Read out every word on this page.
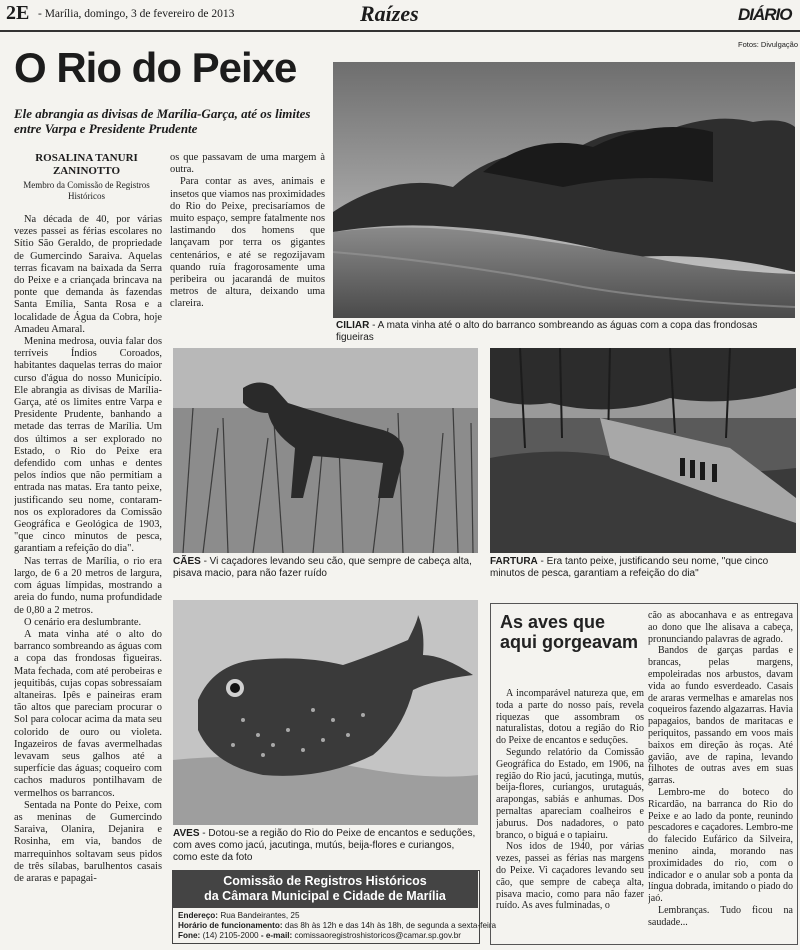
2E - Marília, domingo, 3 de fevereiro de 2013	Raízes	DIÁRIO
Fotos: Divulgação
O Rio do Peixe
Ele abrangia as divisas de Marília-Garça, até os limites entre Varpa e Presidente Prudente
ROSALINA TANURI ZANINOTTO
Membro da Comissão de Registros Históricos

Na década de 40, por várias vezes passei as férias escolares no Sítio São Geraldo, de propriedade de Gumercindo Saraiva. Aquelas terras ficavam na baixada da Serra do Peixe e a criançada brincava na ponte que demanda às fazendas Santa Emília, Santa Rosa e a localidade de Água da Cobra, hoje Amadeu Amaral.

Menina medrosa, ouvia falar dos terríveis Índios Coroados, habitantes daquelas terras do maior curso d'água do nosso Município. Ele abrangia as divisas de Marília-Garça, até os limites entre Varpa e Presidente Prudente, banhando a metade das terras de Marília. Um dos últimos a ser explorado no Estado, o Rio do Peixe era defendido com unhas e dentes pelos índios que não permitiam a entrada nas matas. Era tanto peixe, justificando seu nome, contaram-nos os exploradores da Comissão Geográfica e Geológica de 1903, "que cinco minutos de pesca, garantiam a refeição do dia".

Nas terras de Marília, o rio era largo, de 6 a 20 metros de largura, com águas límpidas, mostrando a areia do fundo, numa profundidade de 0,80 a 2 metros.

O cenário era deslumbrante.

A mata vinha até o alto do barranco sombreando as águas com a copa das frondosas figueiras. Mata fechada, com até perobeiras e jequitibás, cujas copas sobressaíam altaneiras. Ipês e paineiras eram tão altos que pareciam procurar o Sol para colocar acima da mata seu colorido de ouro ou violeta. Ingazeiros de favas avermelhadas levavam seus galhos até a superfície das águas; coqueiro com cachos maduros pontilhavam de vermelhos os barrancos.

Sentada na Ponte do Peixe, com as meninas de Gumercindo Saraiva, Olanira, Dejanira e Rosinha, em via, bandos de marrequinhos soltavam seus pidos de três sílabas, barulhentos casais de araras e papagai-

os que passavam de uma margem à outra.

Para contar as aves, animais e insetos que viamos nas proximidades do Rio do Peixe, precisaríamos de muito espaço, sempre fatalmente nos lastimando dos homens que lançavam por terra os gigantes centenários, e até se regozijavam quando ruía fragorosamente uma peribeira ou jacarandá de muitos metros de altura, deixando uma clareira.

CILIAR - A mata vinha até o alto do barranco sombreando as águas com a copa das frondosas figueiras
CÃES - Vi caçadores levando seu cão, que sempre de cabeça alta, pisava macio, para não fazer ruído
FARTURA - Era tanto peixe, justificando seu nome, "que cinco minutos de pesca, garantiam a refeição do dia"
AVES - Dotou-se a região do Rio do Peixe de encantos e seduções, com aves como jacú, jacutinga, mutús, beija-flores e curiangos, como este da foto
Comissão de Registros Históricos
da Câmara Municipal e Cidade de Marília
Endereço: Rua Bandeirantes, 25
Horário de funcionamento: das 8h às 12h e das 14h às 18h, de segunda a sexta-feira
Fone: (14) 2105-2000 - e-mail: comissaoregistroshistoricos@camar.sp.gov.br
As aves que aqui gorgeavam

A incomparável natureza que, em toda a parte do nosso país, revela riquezas que assombram os naturalistas, dotou a região do Rio do Peixe de encantos e seduções.

Segundo relatório da Comissão Geográfica do Estado, em 1906, na região do Rio jacú, jacutinga, mutús, beija-flores, curiangos, urutaguás, arapongas, sabiás e anhumas. Dos pernaltas apareciam coalheiros e jaburus. Dos nadadores, o pato branco, o biguá e o tapiairu.

Nos idos de 1940, por várias vezes, passei as férias nas margens do Peixe. Vi caçadores levando seu cão, que sempre de cabeça alta, pisava macio, como para não fazer ruído. As aves fulminadas, o

cão as abocanhava e as entregava ao dono que lhe alisava a cabeça, pronunciando palavras de agrado.

Bandos de garças pardas e brancas, pelas margens, empoleiradas nos arbustos, davam vida ao fundo esverdeado. Casais de araras vermelhas e amarelas nos coqueiros fazendo algazarras. Havia papagaios, bandos de maritacas e periquitos, passando em voos mais baixos em direção às roças. Até gavião, ave de rapina, levando filhotes de outras aves em suas garras.

Lembro-me do boteco do Ricardão, na barranca do Rio do Peixe e ao lado da ponte, reunindo pescadores e caçadores. Lembro-me do falecido Eufárico da Silveira, menino ainda, morando nas proximidades do rio, com o indicador e o anular sob a ponta da língua dobrada, imitando o piado do jaó.

Lembranças. Tudo ficou na saudade...
